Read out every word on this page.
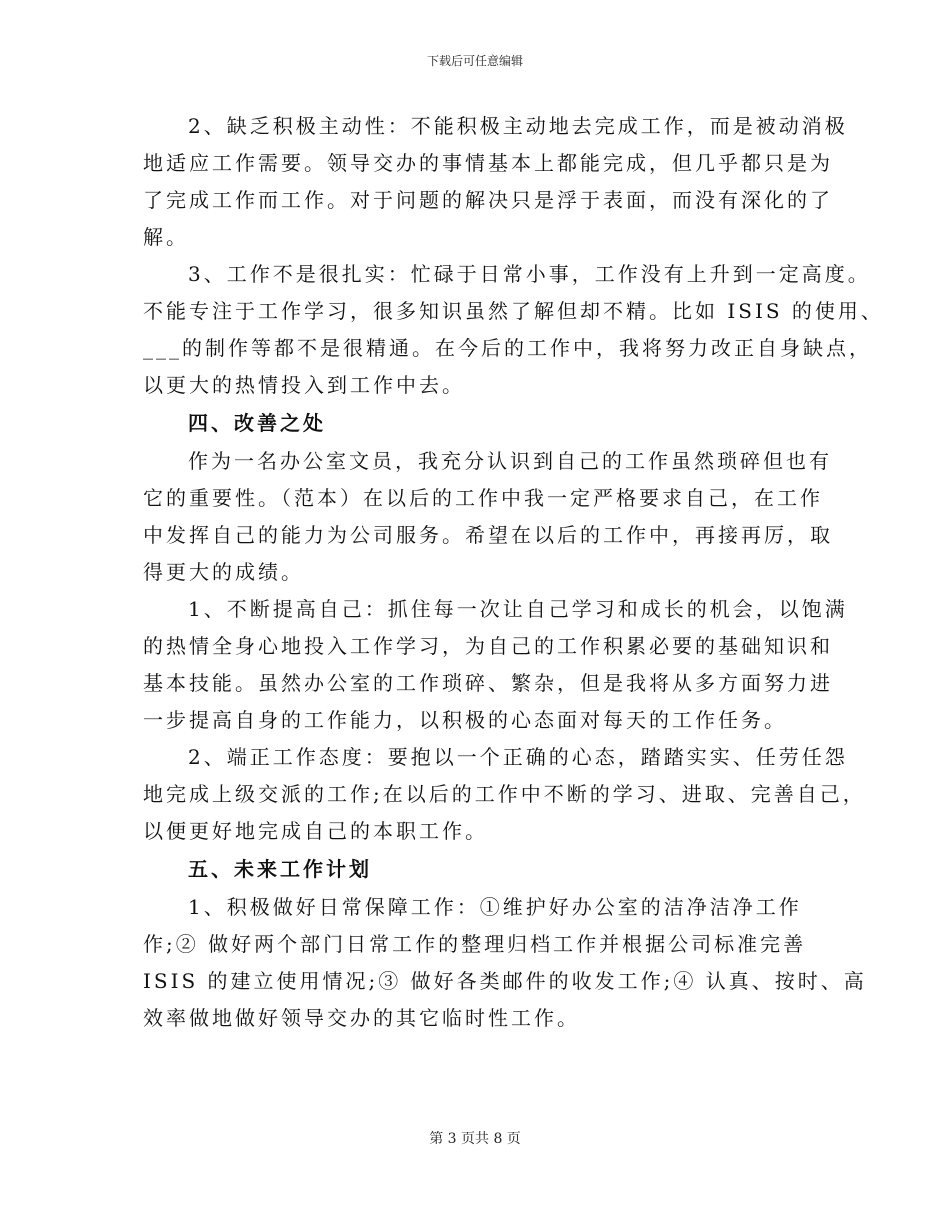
下载后可任意编辑
2、缺乏积极主动性：不能积极主动地去完成工作，而是被动消极
地适应工作需要。领导交办的事情基本上都能完成，但几乎都只是为
了完成工作而工作。对于问题的解决只是浮于表面，而没有深化的了
解。
3、工作不是很扎实：忙碌于日常小事，工作没有上升到一定高度。
不能专注于工作学习，很多知识虽然了解但却不精。比如 ISIS 的使用、
___的制作等都不是很精通。在今后的工作中，我将努力改正自身缺点，
以更大的热情投入到工作中去。
四、改善之处
作为一名办公室文员，我充分认识到自己的工作虽然琐碎但也有
它的重要性。（范本）在以后的工作中我一定严格要求自己，在工作
中发挥自己的能力为公司服务。希望在以后的工作中，再接再厉，取
得更大的成绩。
1、不断提高自己：抓住每一次让自己学习和成长的机会，以饱满
的热情全身心地投入工作学习，为自己的工作积累必要的基础知识和
基本技能。虽然办公室的工作琐碎、繁杂，但是我将从多方面努力进
一步提高自身的工作能力，以积极的心态面对每天的工作任务。
2、端正工作态度：要抱以一个正确的心态，踏踏实实、任劳任怨
地完成上级交派的工作;在以后的工作中不断的学习、进取、完善自己，
以便更好地完成自己的本职工作。
五、未来工作计划
1、积极做好日常保障工作：①维护好办公室的洁净洁净工作
作;② 做好两个部门日常工作的整理归档工作并根据公司标准完善
ISIS 的建立使用情况;③ 做好各类邮件的收发工作;④ 认真、按时、高
效率做地做好领导交办的其它临时性工作。
第 3 页共 8 页
